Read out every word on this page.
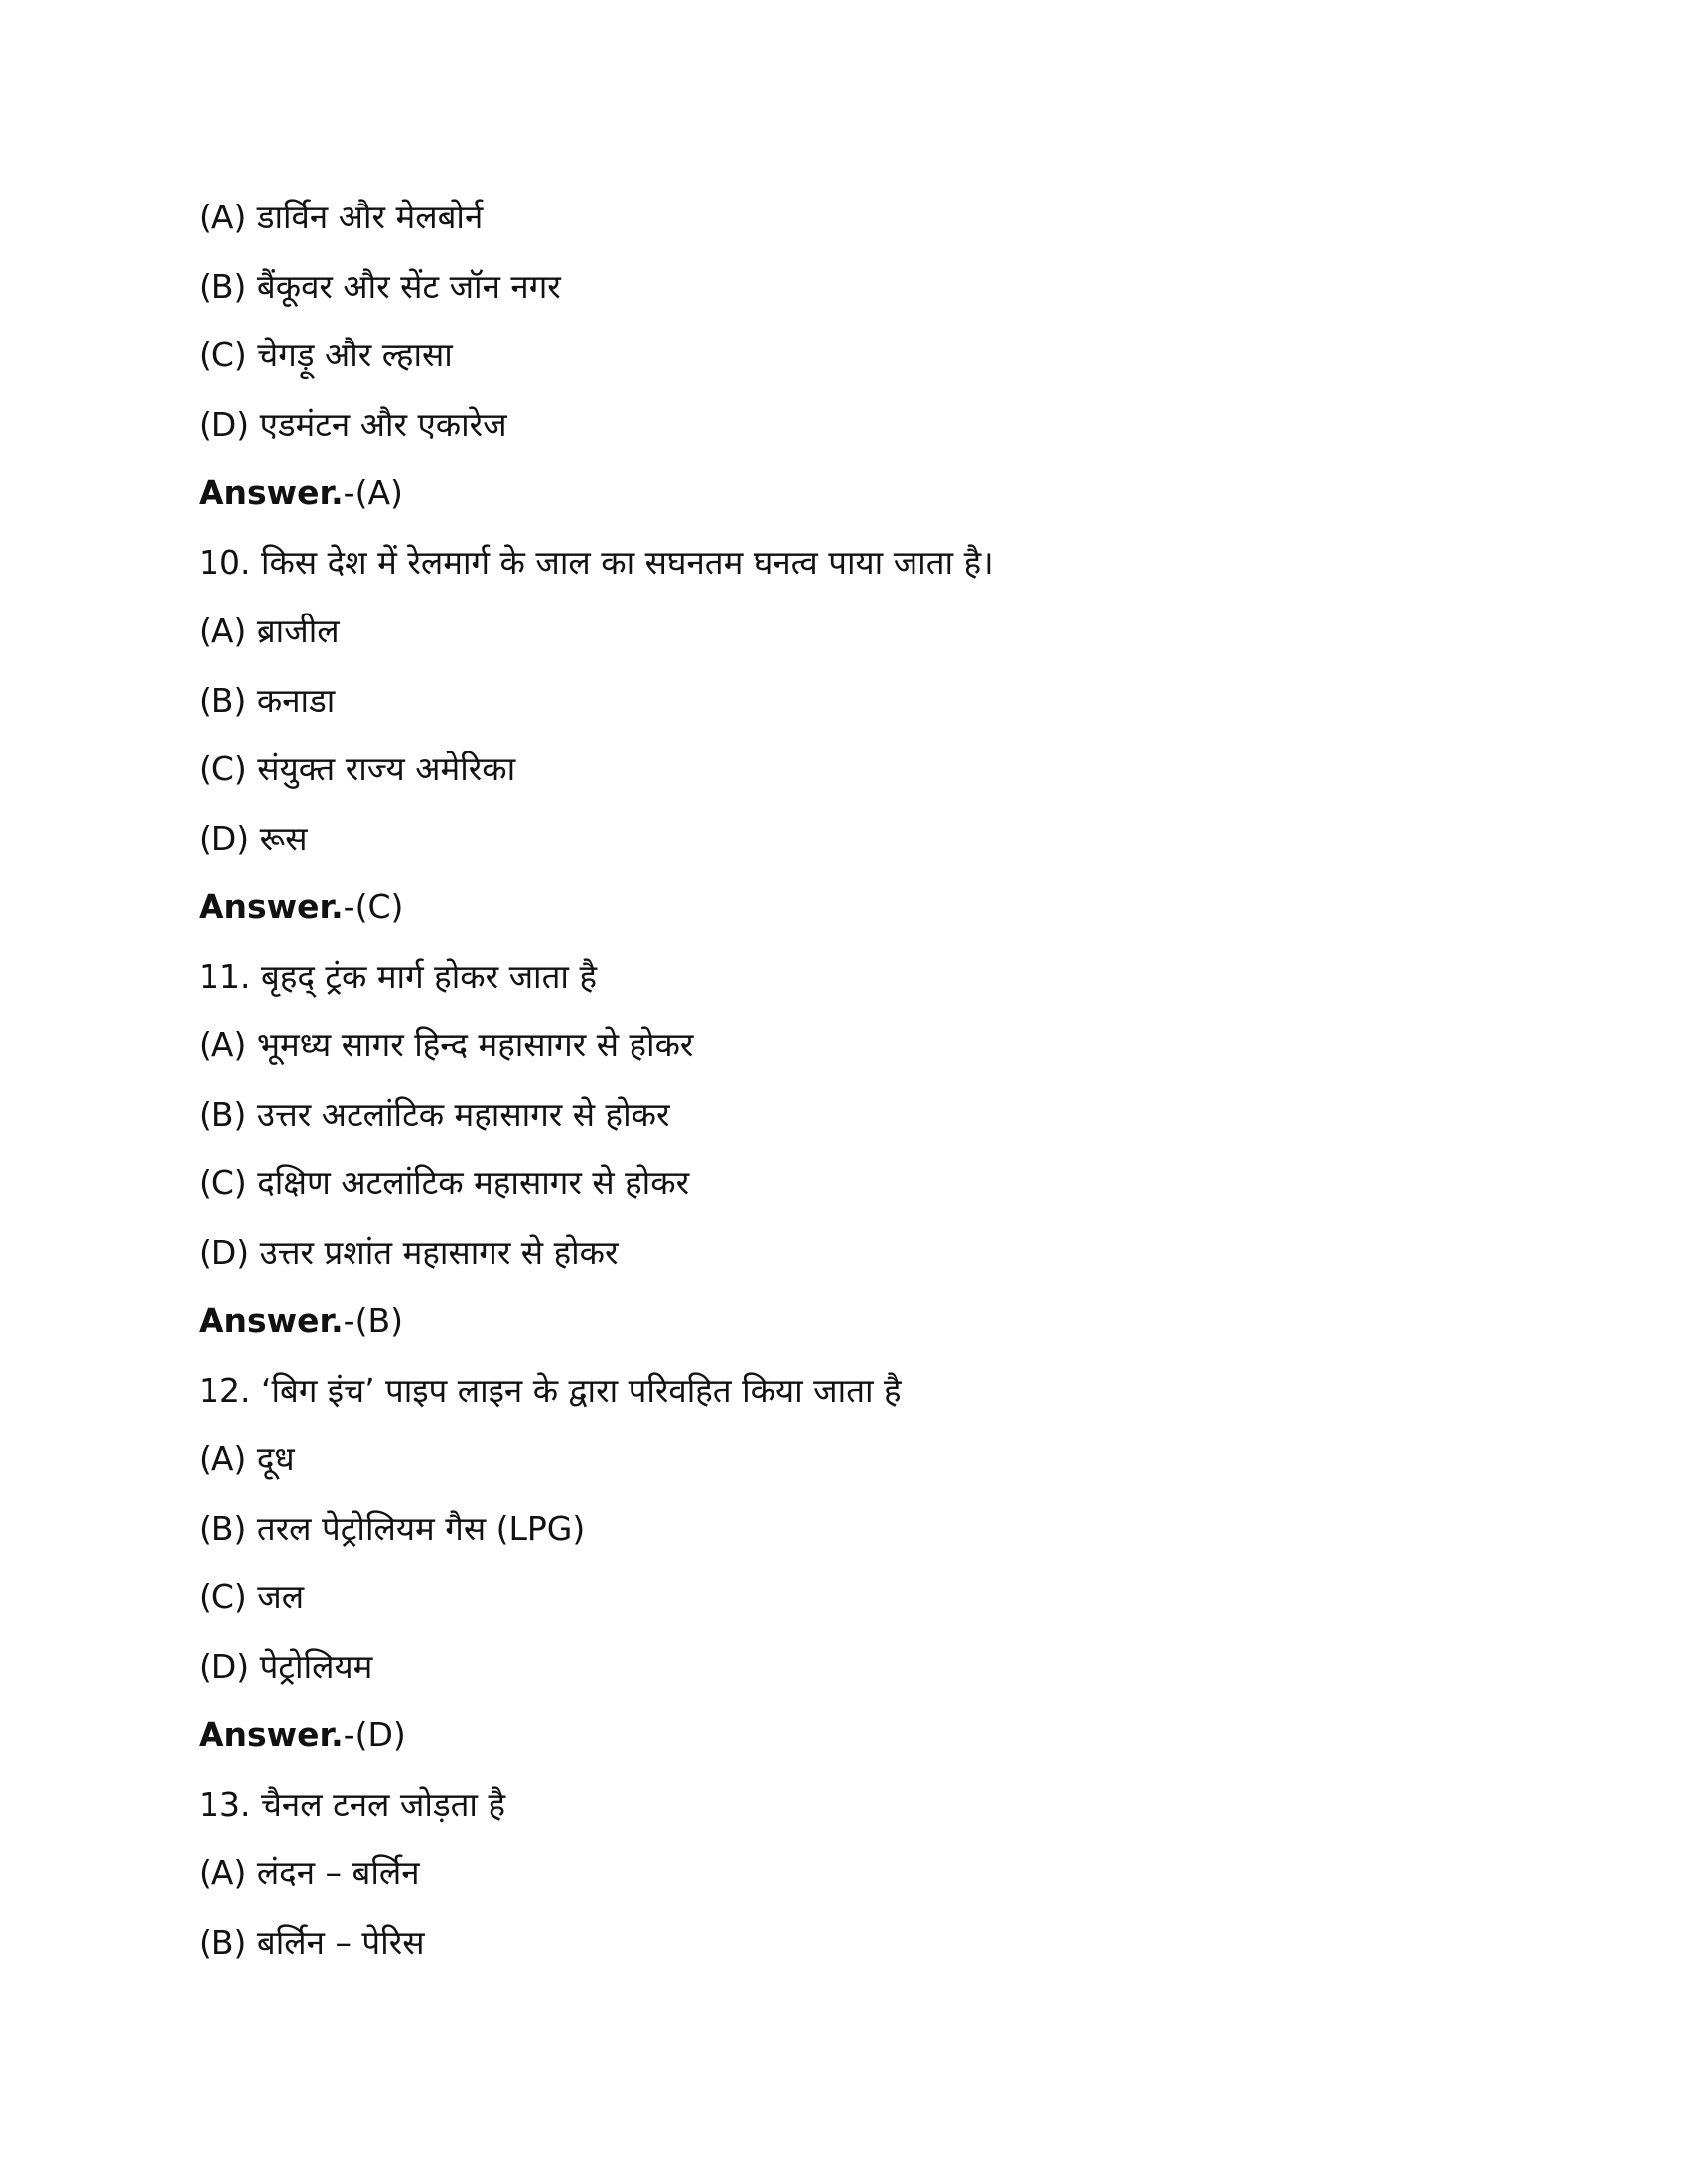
(A) डार्विन और मेलबोर्न
(B) बैंकूवर और सेंट जॉन नगर
(C) चेगड़ू और ल्हासा
(D) एडमंटन और एकारेज
Answer.-(A)
10. किस देश में रेलमार्ग के जाल का सघनतम घनत्व पाया जाता है।
(A) ब्राजील
(B) कनाडा
(C) संयुक्त राज्य अमेरिका
(D) रूस
Answer.-(C)
11. बृहद् ट्रंक मार्ग होकर जाता है
(A) भूमध्य सागर हिन्द महासागर से होकर
(B) उत्तर अटलांटिक महासागर से होकर
(C) दक्षिण अटलांटिक महासागर से होकर
(D) उत्तर प्रशांत महासागर से होकर
Answer.-(B)
12. ‘बिग इंच’ पाइप लाइन के द्वारा परिवहित किया जाता है
(A) दूध
(B) तरल पेट्रोलियम गैस (LPG)
(C) जल
(D) पेट्रोलियम
Answer.-(D)
13. चैनल टनल जोड़ता है
(A) लंदन – बर्लिन
(B) बर्लिन – पेरिस
